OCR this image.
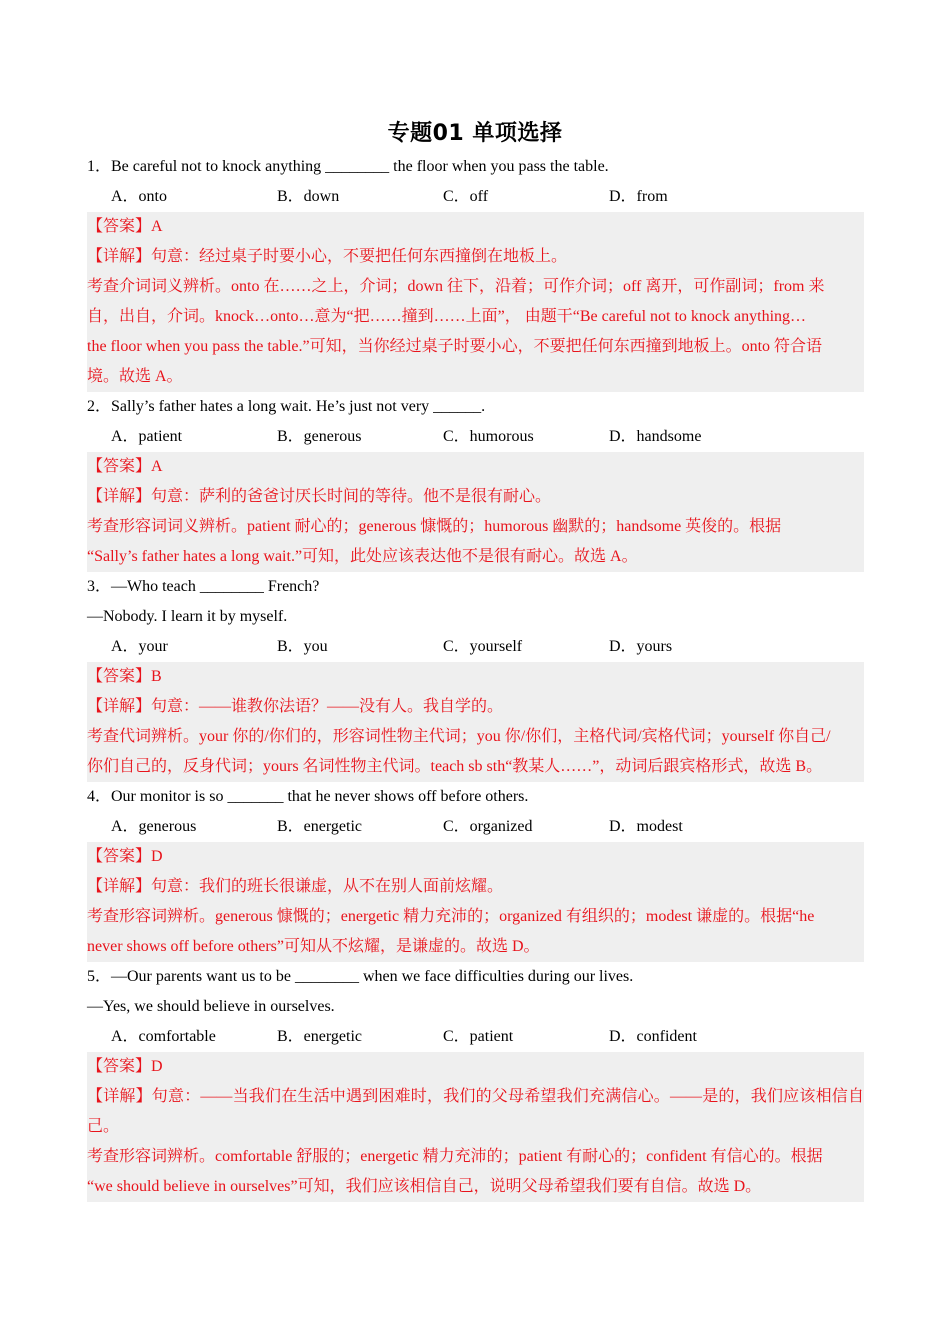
专题01 单项选择
1．Be careful not to knock anything ________ the floor when you pass the table.
A．onto	B．down	C．off	D．from
【答案】A
【详解】句意：经过桌子时要小心，不要把任何东西撞倒在地板上。
考查介词词义辨析。onto 在……之上，介词；down 往下，沿着；可作介词；off 离开，可作副词；from 来
自，出自，介词。knock…onto…意为“把……撞到……上面”， 由题干“Be careful not to knock anything…
the floor when you pass the table.”可知，当你经过桌子时要小心，不要把任何东西撞到地板上。onto 符合语
境。故选 A。
2．Sally’s father hates a long wait. He’s just not very ______.
A．patient	B．generous	C．humorous	D．handsome
【答案】A
【详解】句意：萨利的爸爸讨厌长时间的等待。他不是很有耐心。
考查形容词词义辨析。patient 耐心的；generous 慷慨的；humorous 幽默的；handsome 英俊的。根据
“Sally’s father hates a long wait.”可知，此处应该表达他不是很有耐心。故选 A。
3．—Who teach ________ French?
—Nobody. I learn it by myself.
A．your	B．you	C．yourself	D．yours
【答案】B
【详解】句意：——谁教你法语？——没有人。我自学的。
考查代词辨析。your 你的/你们的，形容词性物主代词；you 你/你们，主格代词/宾格代词；yourself 你自己/
你们自己的，反身代词；yours 名词性物主代词。teach sb sth“教某人……”，动词后跟宾格形式，故选 B。
4．Our monitor is so _______ that he never shows off before others.
A．generous	B．energetic	C．organized	D．modest
【答案】D
【详解】句意：我们的班长很谦虚，从不在别人面前炫耀。
考查形容词辨析。generous 慷慨的；energetic 精力充沛的；organized 有组织的；modest 谦虚的。根据“he
never shows off before others”可知从不炫耀，是谦虚的。故选 D。
5．—Our parents want us to be ________ when we face difficulties during our lives.
—Yes, we should believe in ourselves.
A．comfortable	B．energetic	C．patient	D．confident
【答案】D
【详解】句意：——当我们在生活中遇到困难时，我们的父母希望我们充满信心。——是的，我们应该相信自己。
考查形容词辨析。comfortable 舒服的；energetic 精力充沛的；patient 有耐心的；confident 有信心的。根据
“we should believe in ourselves”可知，我们应该相信自己，说明父母希望我们要有自信。故选 D。
